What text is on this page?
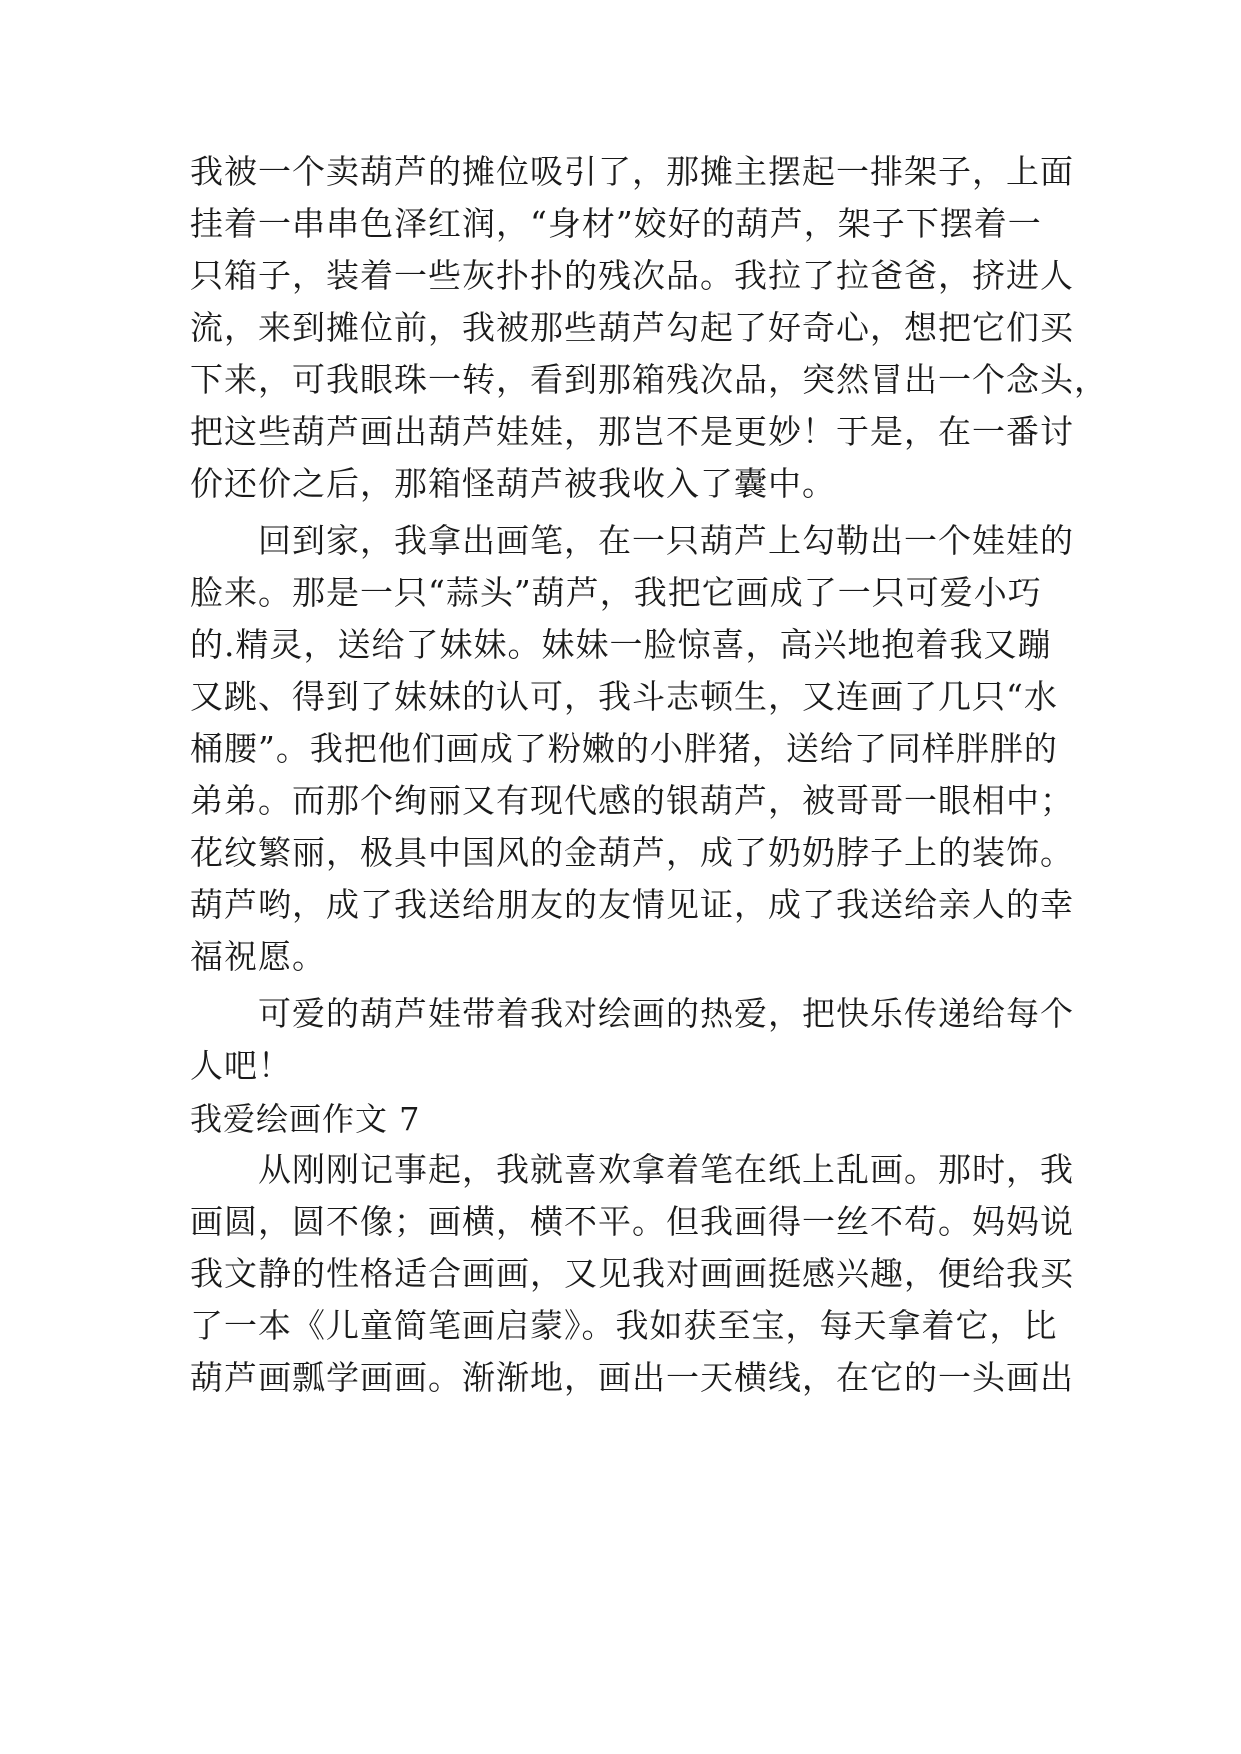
我被一个卖葫芦的摊位吸引了，那摊主摆起一排架子，上面
挂着一串串色泽红润，“身材”姣好的葫芦，架子下摆着一
只箱子，装着一些灰扑扑的残次品。我拉了拉爸爸，挤进人
流，来到摊位前，我被那些葫芦勾起了好奇心，想把它们买
下来，可我眼珠一转，看到那箱残次品，突然冒出一个念头，
把这些葫芦画出葫芦娃娃，那岂不是更妙！于是，在一番讨
价还价之后，那箱怪葫芦被我收入了囊中。
回到家，我拿出画笔，在一只葫芦上勾勒出一个娃娃的
脸来。那是一只“蒜头”葫芦，我把它画成了一只可爱小巧
的.精灵，送给了妹妹。妹妹一脸惊喜，高兴地抱着我又蹦
又跳、得到了妹妹的认可，我斗志顿生，又连画了几只“水
桶腰”。我把他们画成了粉嫩的小胖猪，送给了同样胖胖的
弟弟。而那个绚丽又有现代感的银葫芦，被哥哥一眼相中；
花纹繁丽，极具中国风的金葫芦，成了奶奶脖子上的装饰。
葫芦哟，成了我送给朋友的友情见证，成了我送给亲人的幸
福祝愿。
可爱的葫芦娃带着我对绘画的热爱，把快乐传递给每个
人吧！
我爱绘画作文 7
从刚刚记事起，我就喜欢拿着笔在纸上乱画。那时，我
画圆，圆不像；画横，横不平。但我画得一丝不苟。妈妈说
我文静的性格适合画画，又见我对画画挺感兴趣，便给我买
了一本《儿童简笔画启蒙》。我如获至宝，每天拿着它，比
葫芦画瓢学画画。渐渐地，画出一天横线，在它的一头画出
